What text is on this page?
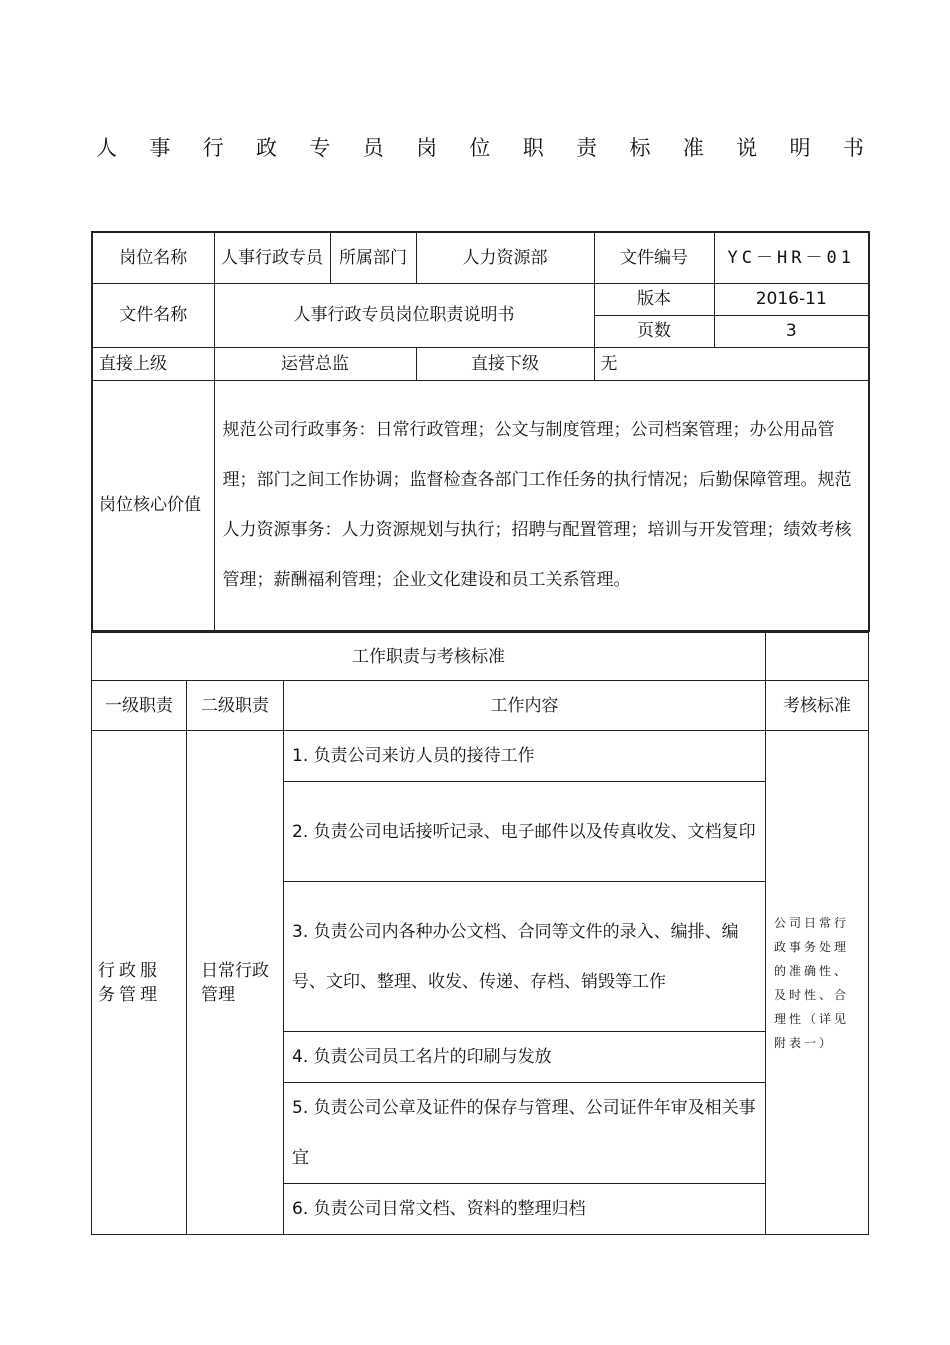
人 事 行 政 专 员 岗 位 职 责 标 准 说 明 书
岗位名称	人事行政专员	所属部门	人力资源部	文件编号	YC－HR－01
文件名称	人事行政专员岗位职责说明书			版本	2016-11
				页数	3
直接上级	运营总监		直接下级	无	
岗位核心价值	规范公司行政事务：日常行政管理；公文与制度管理；公司档案管理；办公用品管理；部门之间工作协调；监督检查各部门工作任务的执行情况；后勤保障管理。规范人力资源事务：人力资源规划与执行；招聘与配置管理；培训与开发管理；绩效考核管理；薪酬福利管理；企业文化建设和员工关系管理。				
工作职责与考核标准			
一级职责	二级职责	工作内容	考核标准
行政服务管理	日常行政管理	1. 负责公司来访人员的接待工作	公司日常行政事务处理的准确性、及时性、合理性（详见附表一）
		2. 负责公司电话接听记录、电子邮件以及传真收发、文档复印	
		3. 负责公司内各种办公文档、合同等文件的录入、编排、编号、文印、整理、收发、传递、存档、销毁等工作	
		4. 负责公司员工名片的印刷与发放	
		5. 负责公司公章及证件的保存与管理、公司证件年审及相关事宜	
		6. 负责公司日常文档、资料的整理归档	
